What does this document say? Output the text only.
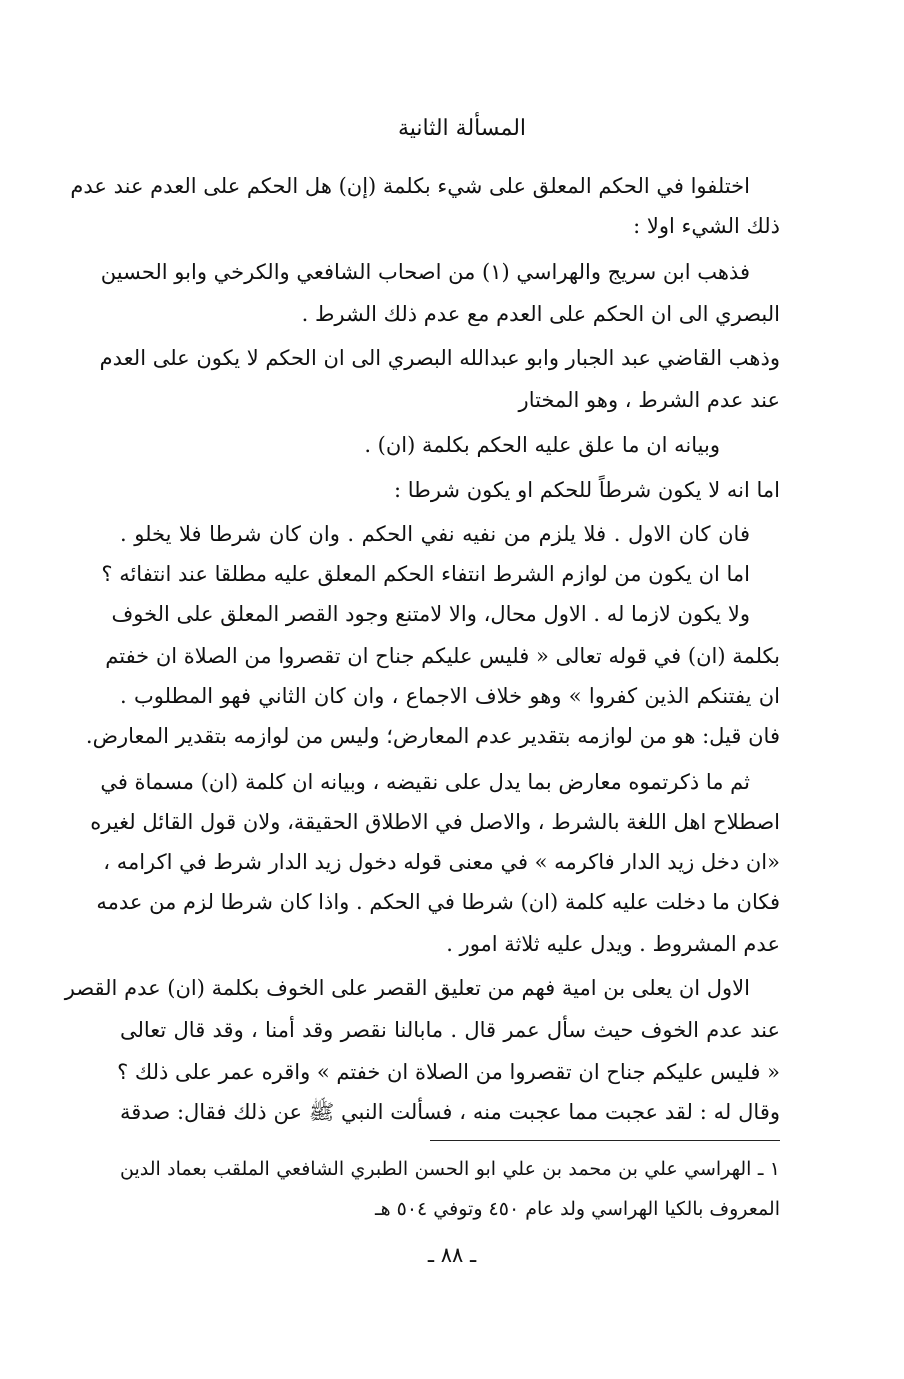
المسألة الثانية
اختلفوا في الحكم المعلق على شيء بكلمة (إن) هل الحكم على العدم عند عدم
ذلك الشيء اولا :
فذهب ابن سريج والهراسي (١) من اصحاب الشافعي والكرخي وابو الحسين
البصري الى ان الحكم على العدم مع عدم ذلك الشرط .
وذهب القاضي عبد الجبار وابو عبدالله البصري الى ان الحكم لا يكون على العدم
عند عدم الشرط ، وهو المختار
وبيانه ان ما علق عليه الحكم بكلمة (ان) .
اما انه لا يكون شرطاً للحكم او يكون شرطا :
فان كان الاول . فلا يلزم من نفيه نفي الحكم . وان كان شرطا فلا يخلو .
اما ان يكون من لوازم الشرط انتفاء الحكم المعلق عليه مطلقا عند انتفائه ؟
ولا يكون لازما له . الاول محال، والا لامتنع وجود القصر المعلق على الخوف
بكلمة (ان) في قوله تعالى « فليس عليكم جناح ان تقصروا من الصلاة ان خفتم
ان يفتنكم الذين كفروا » وهو خلاف الاجماع ، وان كان الثاني فهو المطلوب .
فان قيل: هو من لوازمه بتقدير عدم المعارض؛ وليس من لوازمه بتقدير المعارض.
ثم ما ذكرتموه معارض بما يدل على نقيضه ، وبيانه ان كلمة (ان) مسماة في
اصطلاح اهل اللغة بالشرط ، والاصل في الاطلاق الحقيقة، ولان قول القائل لغيره
«ان دخل زيد الدار فاكرمه » في معنى قوله دخول زيد الدار شرط في اكرامه ،
فكان ما دخلت عليه كلمة (ان) شرطا في الحكم . واذا كان شرطا لزم من عدمه
عدم المشروط . ويدل عليه ثلاثة امور .
الاول ان يعلى بن امية فهم من تعليق القصر على الخوف بكلمة (ان) عدم القصر
عند عدم الخوف حيث سأل عمر قال . مابالنا نقصر وقد أمنا ، وقد قال تعالى
« فليس عليكم جناح ان تقصروا من الصلاة ان خفتم » واقره عمر على ذلك ؟
وقال له : لقد عجبت مما عجبت منه ، فسألت النبي ﷺ عن ذلك فقال: صدقة
١ ـ الهراسي علي بن محمد بن علي ابو الحسن الطبري الشافعي الملقب بعماد الدين
المعروف بالكيا الهراسي ولد عام ٤٥٠ وتوفي ٥٠٤ هـ
ـ ٨٨ ـ
